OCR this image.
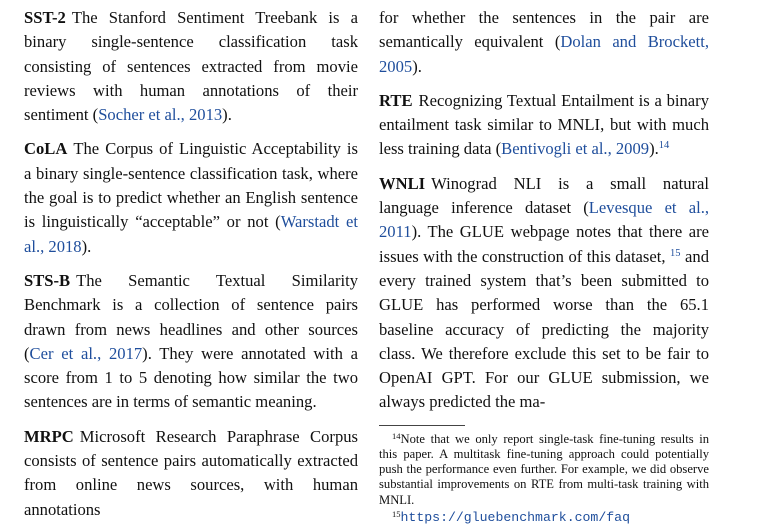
SST-2 The Stanford Sentiment Treebank is a binary single-sentence classification task consisting of sentences extracted from movie reviews with human annotations of their sentiment (Socher et al., 2013).

CoLA The Corpus of Linguistic Acceptability is a binary single-sentence classification task, where the goal is to predict whether an English sentence is linguistically “acceptable” or not (Warstadt et al., 2018).

STS-B The Semantic Textual Similarity Benchmark is a collection of sentence pairs drawn from news headlines and other sources (Cer et al., 2017). They were annotated with a score from 1 to 5 denoting how similar the two sentences are in terms of semantic meaning.

MRPC Microsoft Research Paraphrase Corpus consists of sentence pairs automatically extracted from online news sources, with human annotations

for whether the sentences in the pair are semantically equivalent (Dolan and Brockett, 2005).

RTE Recognizing Textual Entailment is a binary entailment task similar to MNLI, but with much less training data (Bentivogli et al., 2009).$^{14}$

WNLI Winograd NLI is a small natural language inference dataset (Levesque et al., 2011). The GLUE webpage notes that there are issues with the construction of this dataset, $^{15}$ and every trained system that’s been submitted to GLUE has performed worse than the 65.1 baseline accuracy of predicting the majority class. We therefore exclude this set to be fair to OpenAI GPT. For our GLUE submission, we always predicted the ma-

$^{14}$Note that we only report single-task fine-tuning results in this paper. A multitask fine-tuning approach could potentially push the performance even further. For example, we did observe substantial improvements on RTE from multi-task training with MNLI.

$^{15}$https://gluebenchmark.com/faq
